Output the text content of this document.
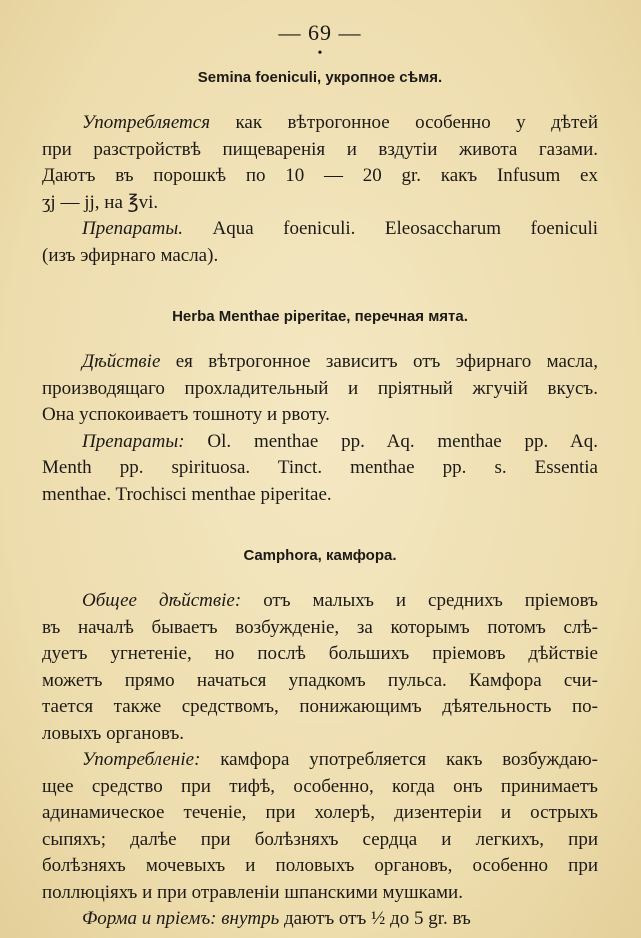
— 69 —
•
Semina foeniculi, укропное сѣмя.
Употребляется как вѣтрогонное особенно у дѣтей
при разстройствѣ пищеваренія и вздутіи живота газами.
Даютъ въ порошкѣ по 10 — 20 gr. какъ Infusum ex
ʒj — jj, на ℥vi.
Препараты. Aqua foeniculi. Eleosaccharum foeniculi
(изъ эфирнаго масла).
Herba Menthae piperitae, перечная мята.
Дѣйствіе ея вѣтрогонное зависитъ отъ эфирнаго масла,
производящаго прохладительный и пріятный жгучій вкусъ.
Она успокоиваетъ тошноту и рвоту.
Препараты: Ol. menthae pp. Aq. menthae pp. Aq.
Menth pp. spirituosa. Tinct. menthae pp. s. Essentia
menthae. Trochisci menthae piperitae.
Camphora, камфора.
Общее дѣйствіе: отъ малыхъ и среднихъ пріемовъ
въ началѣ бываетъ возбужденіе, за которымъ потомъ слѣ-
дуетъ угнетеніе, но послѣ большихъ пріемовъ дѣйствіе
можетъ прямо начаться упадкомъ пульса. Камфора счи-
тается также средствомъ, понижающимъ дѣятельность по-
ловыхъ органовъ.
Употребленіе: камфора употребляется какъ возбуждаю-
щее средство при тифѣ, особенно, когда онъ принимаетъ
адинамическое теченіе, при холерѣ, дизентеріи и острыхъ
сыпяхъ; далѣе при болѣзняхъ сердца и легкихъ, при
болѣзняхъ мочевыхъ и половыхъ органовъ, особенно при
поллюціяхъ и при отравленіи шпанскими мушками.
Форма и пріемъ: внутрь даютъ отъ ½ до 5 gr. въ
